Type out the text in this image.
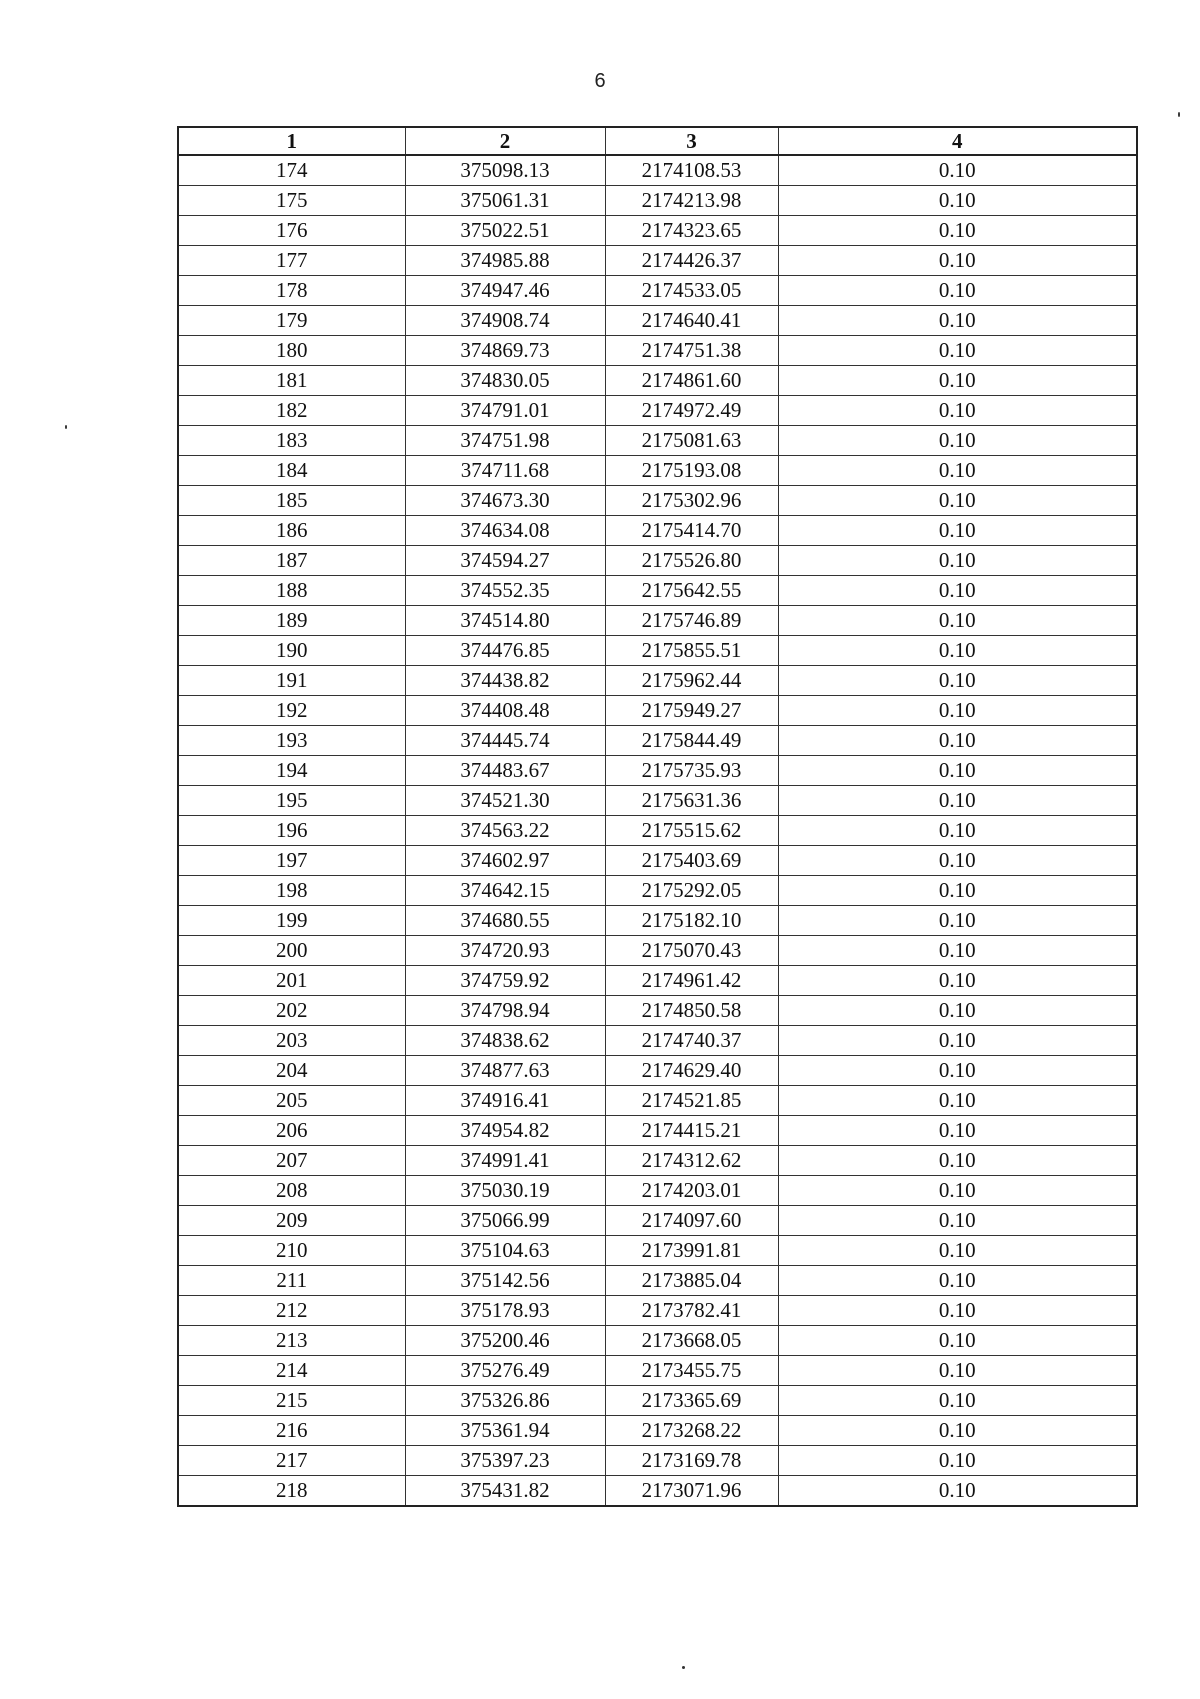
6
1	2	3	4
174	375098.13	2174108.53	0.10
175	375061.31	2174213.98	0.10
176	375022.51	2174323.65	0.10
177	374985.88	2174426.37	0.10
178	374947.46	2174533.05	0.10
179	374908.74	2174640.41	0.10
180	374869.73	2174751.38	0.10
181	374830.05	2174861.60	0.10
182	374791.01	2174972.49	0.10
183	374751.98	2175081.63	0.10
184	374711.68	2175193.08	0.10
185	374673.30	2175302.96	0.10
186	374634.08	2175414.70	0.10
187	374594.27	2175526.80	0.10
188	374552.35	2175642.55	0.10
189	374514.80	2175746.89	0.10
190	374476.85	2175855.51	0.10
191	374438.82	2175962.44	0.10
192	374408.48	2175949.27	0.10
193	374445.74	2175844.49	0.10
194	374483.67	2175735.93	0.10
195	374521.30	2175631.36	0.10
196	374563.22	2175515.62	0.10
197	374602.97	2175403.69	0.10
198	374642.15	2175292.05	0.10
199	374680.55	2175182.10	0.10
200	374720.93	2175070.43	0.10
201	374759.92	2174961.42	0.10
202	374798.94	2174850.58	0.10
203	374838.62	2174740.37	0.10
204	374877.63	2174629.40	0.10
205	374916.41	2174521.85	0.10
206	374954.82	2174415.21	0.10
207	374991.41	2174312.62	0.10
208	375030.19	2174203.01	0.10
209	375066.99	2174097.60	0.10
210	375104.63	2173991.81	0.10
211	375142.56	2173885.04	0.10
212	375178.93	2173782.41	0.10
213	375200.46	2173668.05	0.10
214	375276.49	2173455.75	0.10
215	375326.86	2173365.69	0.10
216	375361.94	2173268.22	0.10
217	375397.23	2173169.78	0.10
218	375431.82	2173071.96	0.10
